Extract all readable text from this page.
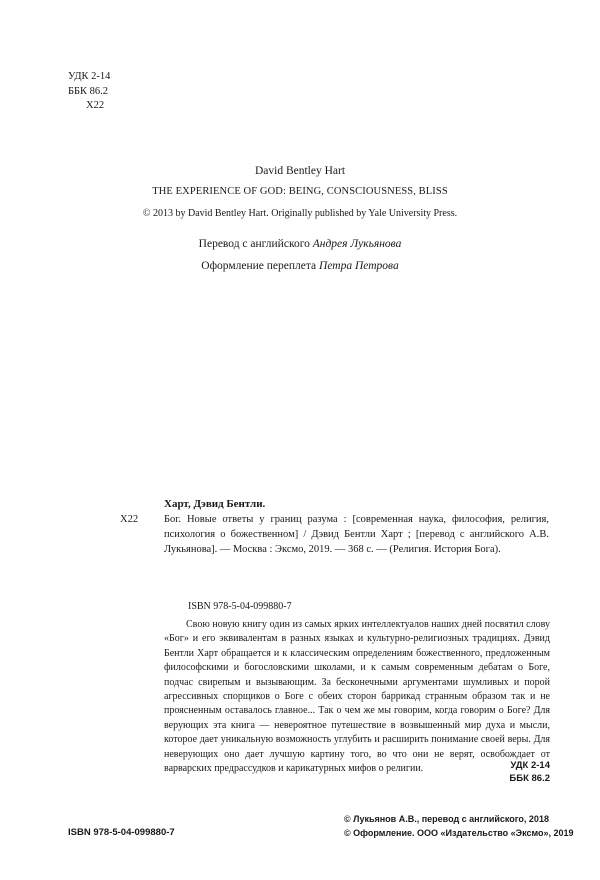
УДК 2-14
ББК 86.2
Х22
David Bentley Hart
THE EXPERIENCE OF GOD: BEING, CONSCIOUSNESS, BLISS
© 2013 by David Bentley Hart. Originally published by Yale University Press.
Перевод с английского Андрея Лукьянова
Оформление переплета Петра Петрова
Харт, Дэвид Бентли.
Х22 Бог. Новые ответы у границ разума : [современная наука, философия, религия, психология о божественном] / Дэвид Бентли Харт ; [перевод с английского А.В. Лукьянова]. — Москва : Эксмо, 2019. — 368 с. — (Религия. История Бога).
ISBN 978-5-04-099880-7
Свою новую книгу один из самых ярких интеллектуалов наших дней посвятил слову «Бог» и его эквивалентам в разных языках и культурно-религиозных традициях. Дэвид Бентли Харт обращается и к классическим определениям божественного, предложенным философскими и богословскими школами, и к самым современным дебатам о Боге, подчас свирепым и вызывающим. За бесконечными аргументами шумливых и порой агрессивных спорщиков о Боге с обеих сторон баррикад странным образом так и не проясненным оставалось главное... Так о чем же мы говорим, когда говорим о Боге? Для верующих эта книга — невероятное путешествие в возвышенный мир духа и мысли, которое дает уникальную возможность углубить и расширить понимание своей веры. Для неверующих оно дает лучшую картину того, во что они не верят, освобождает от варварских предрассудков и карикатурных мифов о религии.	УДК 2-14
ББК 86.2
ISBN 978-5-04-099880-7
© Лукьянов А.В., перевод с английского, 2018
© Оформление. ООО «Издательство «Эксмо», 2019
